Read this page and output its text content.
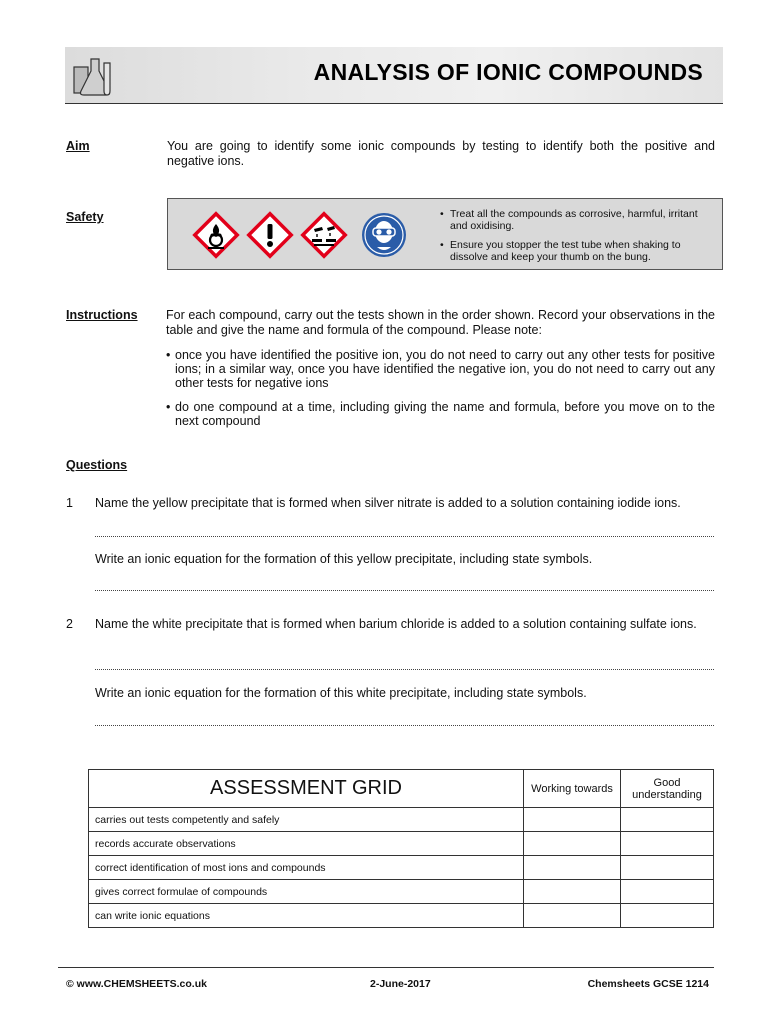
ANALYSIS OF IONIC COMPOUNDS
Aim	You are going to identify some ionic compounds by testing to identify both the positive and negative ions.
Safety	• Treat all the compounds as corrosive, harmful, irritant and oxidising.
• Ensure you stopper the test tube when shaking to dissolve and keep your thumb on the bung.
Instructions For each compound, carry out the tests shown in the order shown. Record your observations in the table and give the name and formula of the compound. Please note:
• once you have identified the positive ion, you do not need to carry out any other tests for positive ions; in a similar way, once you have identified the negative ion, you do not need to carry out any other tests for negative ions
• do one compound at a time, including giving the name and formula, before you move on to the next compound
Questions
1 Name the yellow precipitate that is formed when silver nitrate is added to a solution containing iodide ions.
Write an ionic equation for the formation of this yellow precipitate, including state symbols.
2 Name the white precipitate that is formed when barium chloride is added to a solution containing sulfate ions.
Write an ionic equation for the formation of this white precipitate, including state symbols.
ASSESSMENT GRID	Working towards	Good understanding
carries out tests competently and safely		
records accurate observations		
correct identification of most ions and compounds		
gives correct formulae of compounds		
can write ionic equations		
© www.CHEMSHEETS.co.uk	2-June-2017	Chemsheets GCSE 1214
